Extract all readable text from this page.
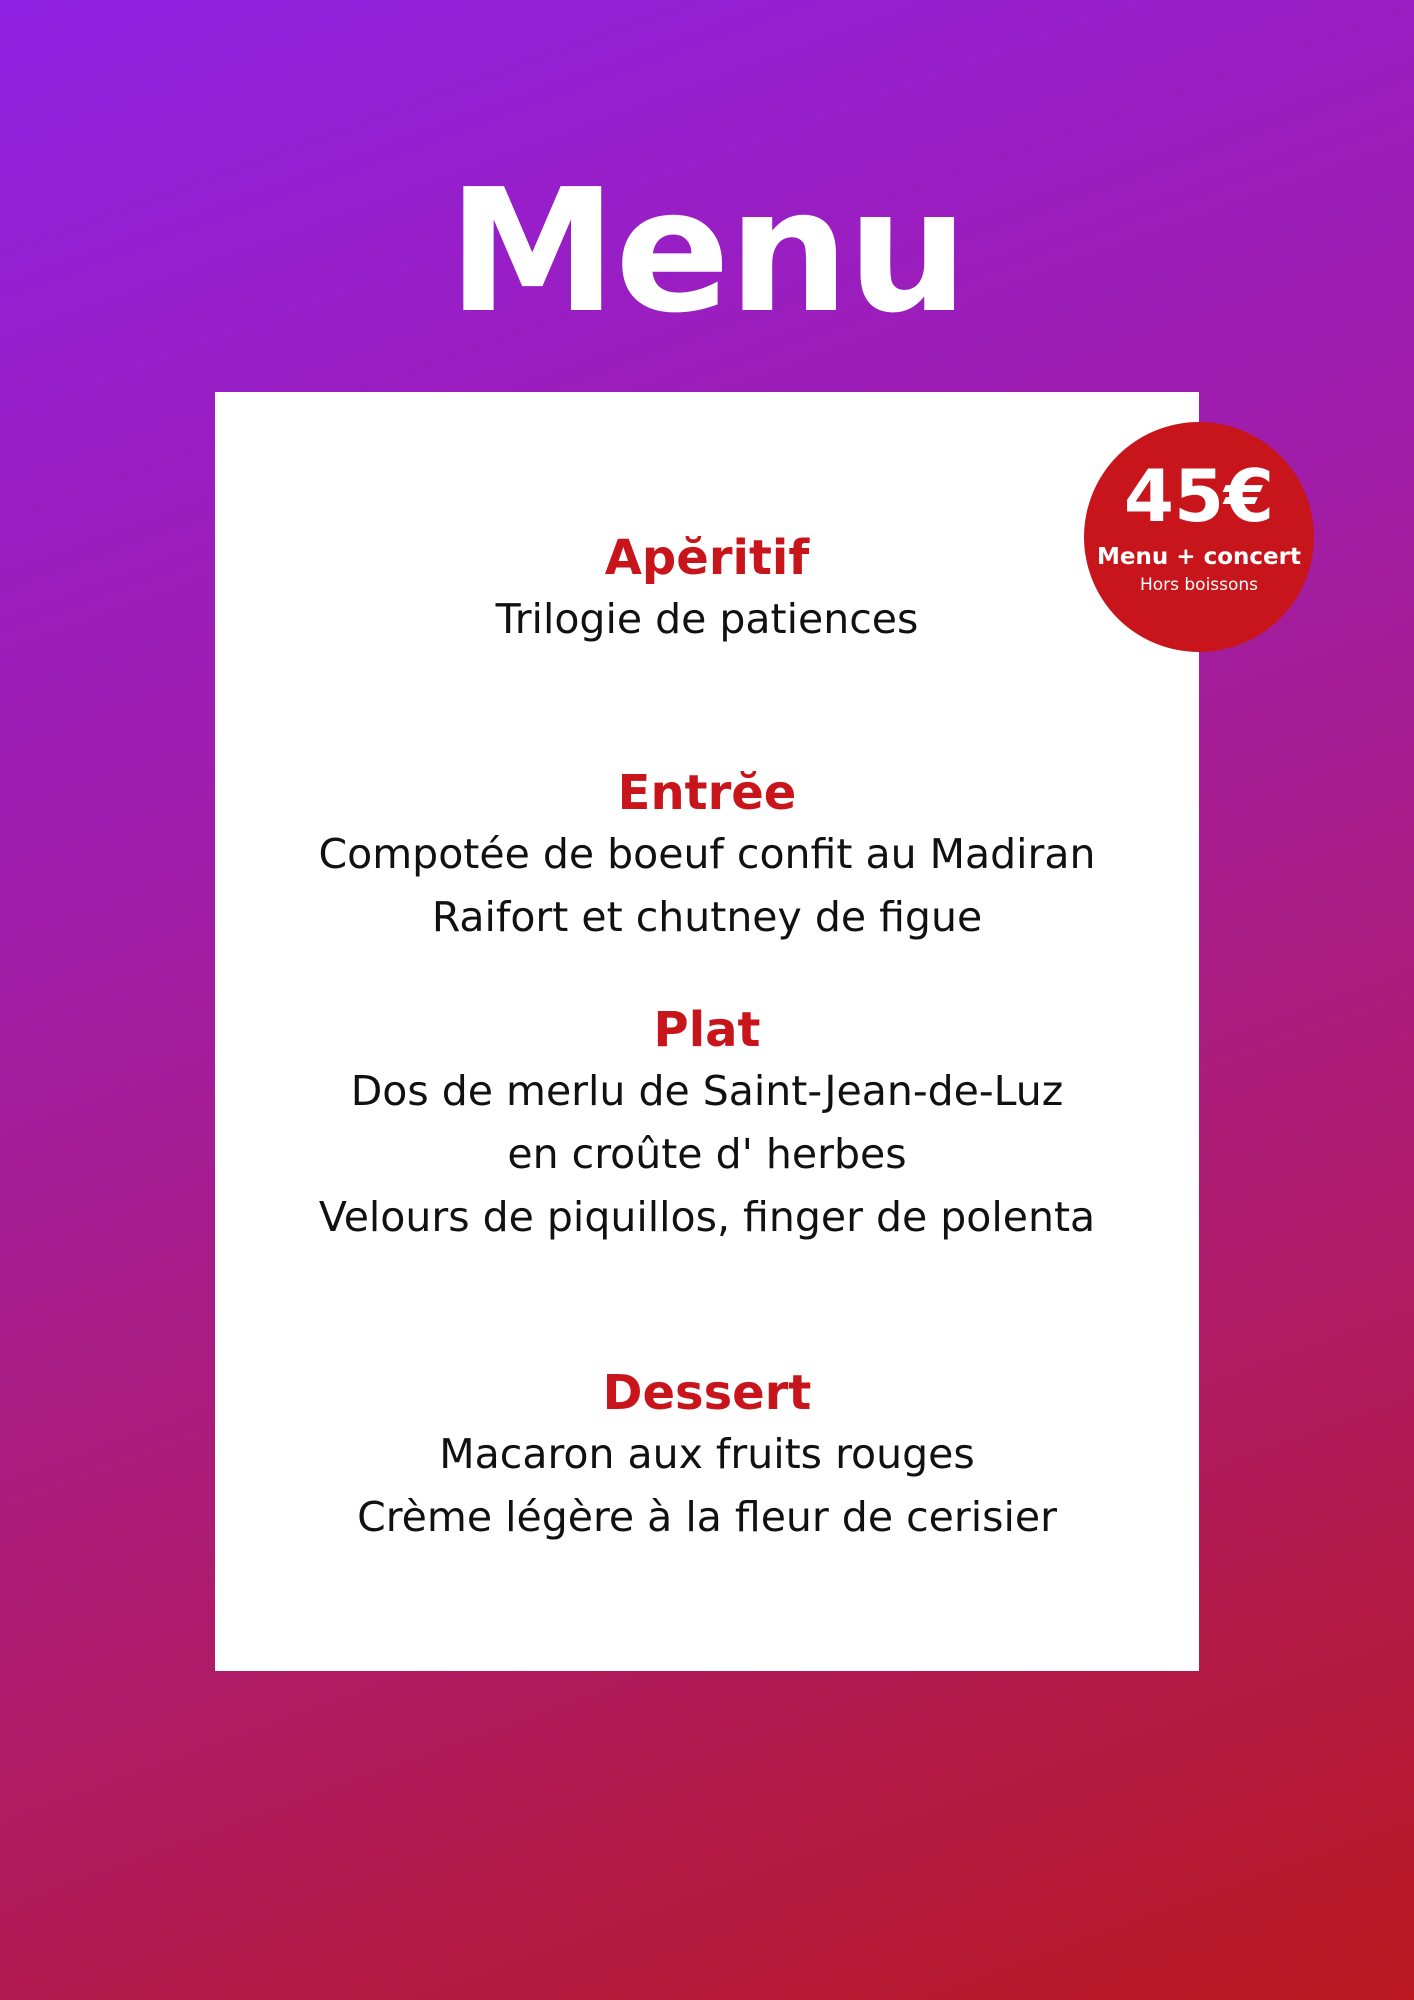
Menu
Apĕritif
Trilogie de patiences
Entrĕe
Compotée de boeuf confit au Madiran
Raifort et chutney de figue
Plat
Dos de merlu de Saint-Jean-de-Luz
en croûte d' herbes
Velours de piquillos, finger de polenta
Dessert
Macaron aux fruits rouges
Crème légère à la fleur de cerisier
45€
Menu + concert
Hors boissons
